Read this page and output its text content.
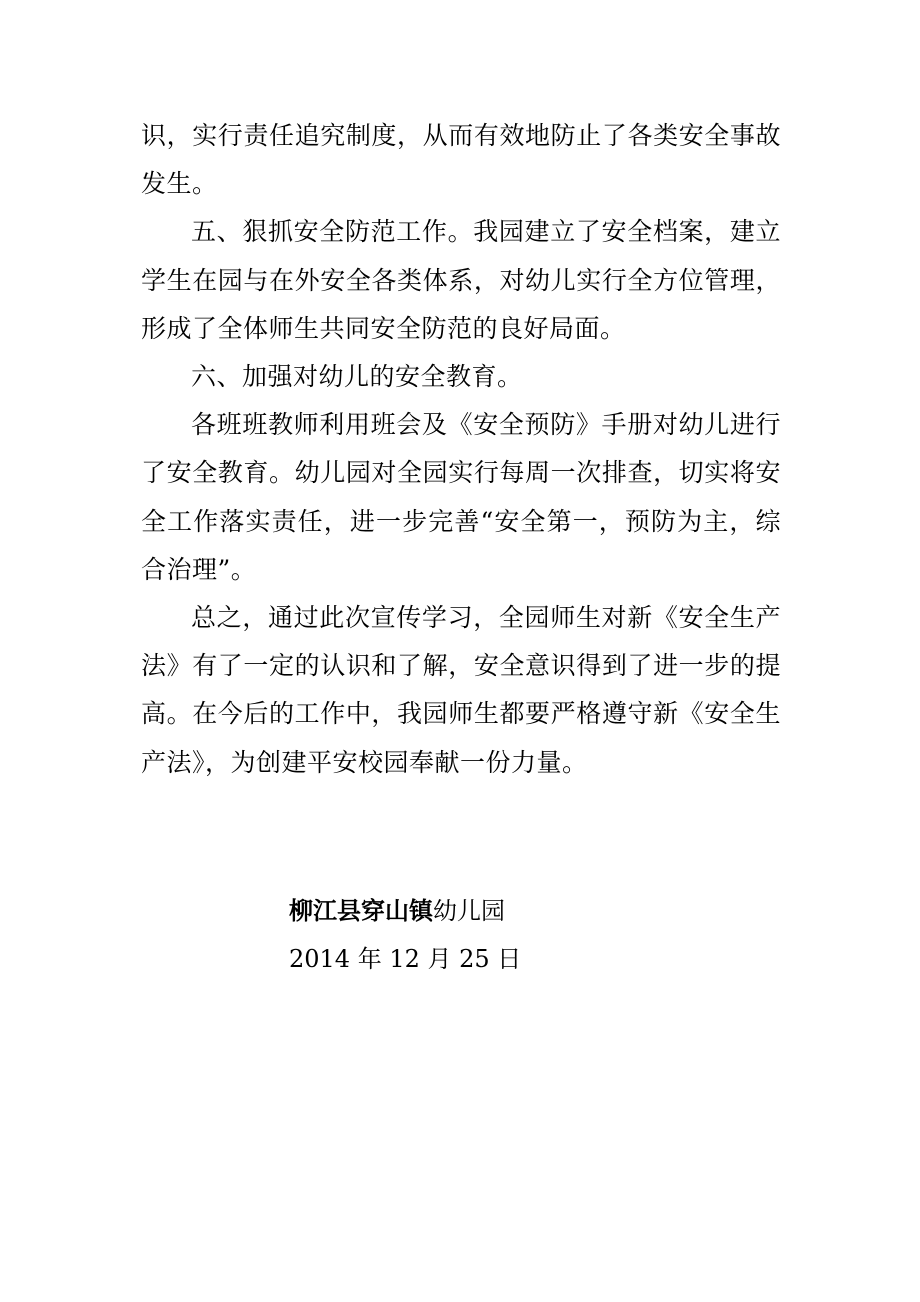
识，实行责任追究制度，从而有效地防止了各类安全事故发生。

五、狠抓安全防范工作。我园建立了安全档案，建立学生在园与在外安全各类体系，对幼儿实行全方位管理，形成了全体师生共同安全防范的良好局面。

六、加强对幼儿的安全教育。

各班班教师利用班会及《安全预防》手册对幼儿进行了安全教育。幼儿园对全园实行每周一次排查，切实将安全工作落实责任，进一步完善“安全第一，预防为主，综合治理”。

总之，通过此次宣传学习，全园师生对新《安全生产法》有了一定的认识和了解，安全意识得到了进一步的提高。在今后的工作中，我园师生都要严格遵守新《安全生产法》，为创建平安校园奉献一份力量。

柳江县穿山镇幼儿园

2014 年 12 月 25 日
